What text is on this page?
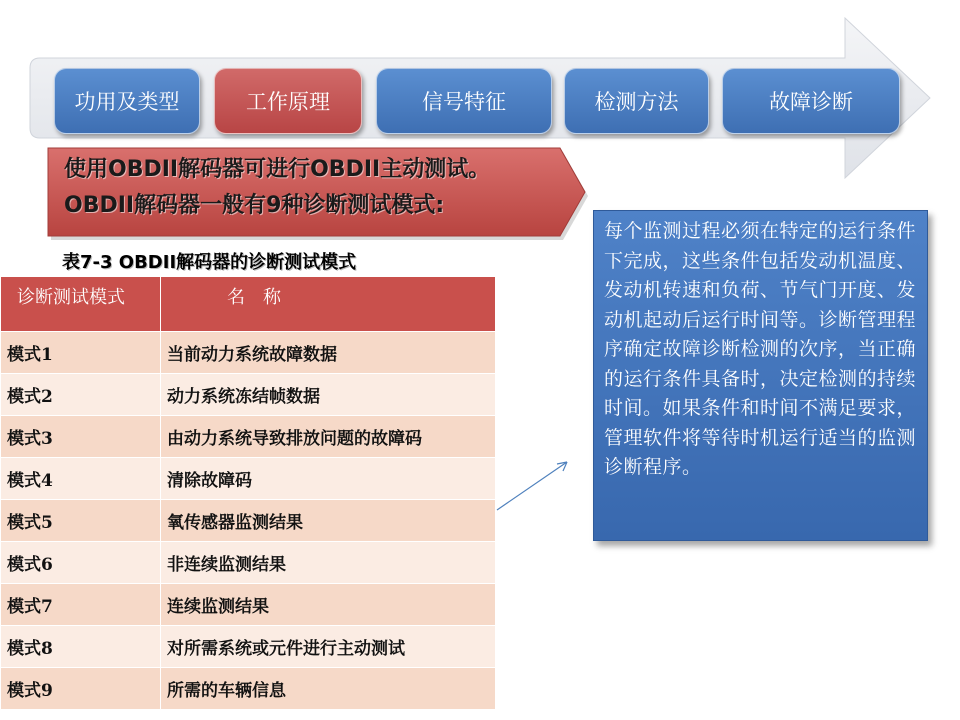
功用及类型	工作原理	信号特征	检测方法	故障诊断
使用OBDII解码器可进行OBDII主动测试。
OBDII解码器一般有9种诊断测试模式:
表7-3 OBDII解码器的诊断测试模式
诊断测试模式	名　称
模式1	当前动力系统故障数据
模式2	动力系统冻结帧数据
模式3	由动力系统导致排放问题的故障码
模式4	清除故障码
模式5	氧传感器监测结果
模式6	非连续监测结果
模式7	连续监测结果
模式8	对所需系统或元件进行主动测试
模式9	所需的车辆信息
每个监测过程必须在特定的运行条件下完成，这些条件包括发动机温度、发动机转速和负荷、节气门开度、发动机起动后运行时间等。诊断管理程序确定故障诊断检测的次序，当正确的运行条件具备时，决定检测的持续时间。如果条件和时间不满足要求，管理软件将等待时机运行适当的监测诊断程序。
